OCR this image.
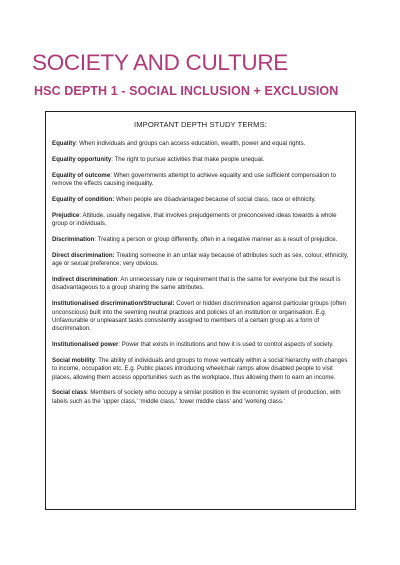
SOCIETY AND CULTURE
HSC DEPTH 1 - SOCIAL INCLUSION + EXCLUSION
IMPORTANT DEPTH STUDY TERMS:

Equality: When individuals and groups can access education, wealth, power and equal rights.

Equality opportunity: The right to pursue activities that make people unequal.

Equality of outcome: When governments attempt to achieve equality and use sufficient compensation to remove the effects causing inequality.

Equality of condition: When people are disadvantaged because of social class, race or ethnicity.

Prejudice: Attitude, usually negative, that involves prejudgements or preconceived ideas towards a whole group or individuals.

Discrimination: Treating a person or group differently, often in a negative manner as a result of prejudice.

Direct discrimination: Treating someone in an unfair way because of attributes such as sex, colour, ethnicity, age or sexual preference; very obvious.

Indirect discrimination: An unnecessary rule or requirement that is the same for everyone but the result is disadvantageous to a group sharing the same attributes.

Institutionalised discrimination/Structural: Covert or hidden discrimination against particular groups (often unconscious) built into the seeming neutral practices and policies of an institution or organisation. E.g. Unfavourable or unpleasant tasks consistently assigned to members of a certain group as a form of discrimination.

Institutionalised power: Power that exists in institutions and how it is used to control aspects of society.

Social mobility: The ability of individuals and groups to move vertically within a social hierarchy with changes to income, occupation etc. E.g. Public places introducing wheelchair ramps allow disabled people to visit places, allowing them access opportunities such as the workplace, thus allowing them to earn an income.

Social class: Members of society who occupy a similar position in the economic system of production, with labels such as the 'upper class,' 'middle class,' 'lower middle class' and 'working class.'
